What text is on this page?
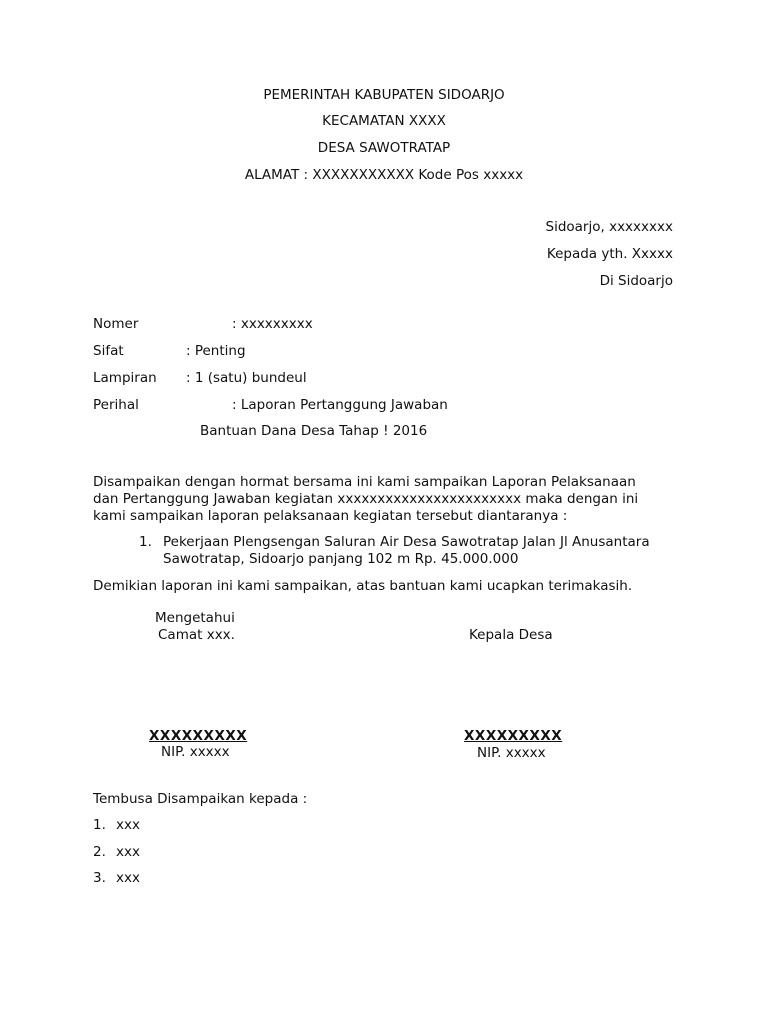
PEMERINTAH KABUPATEN SIDOARJO
KECAMATAN XXXX
DESA SAWOTRATAP
ALAMAT : XXXXXXXXXXX Kode Pos xxxxx
Sidoarjo, xxxxxxxx
Kepada yth. Xxxxx
Di Sidoarjo
Nomer	: xxxxxxxxx
Sifat	: Penting
Lampiran : 1 (satu) bundeul
Perihal	: Laporan Pertanggung Jawaban
Bantuan Dana Desa Tahap ! 2016
Disampaikan dengan hormat bersama ini kami sampaikan Laporan Pelaksanaan
dan Pertanggung Jawaban kegiatan xxxxxxxxxxxxxxxxxxxxxxx maka dengan ini
kami sampaikan laporan pelaksanaan kegiatan tersebut diantaranya :
1. Pekerjaan Plengsengan Saluran Air Desa Sawotratap Jalan Jl Anusantara
Sawotratap, Sidoarjo panjang 102 m Rp. 45.000.000
Demikian laporan ini kami sampaikan, atas bantuan kami ucapkan terimakasih.
Mengetahui
Camat xxx.	Kepala Desa
XXXXXXXXX
NIP. xxxxx
XXXXXXXXX
NIP. xxxxx
Tembusa Disampaikan kepada :
1. xxx
2. xxx
3. xxx
